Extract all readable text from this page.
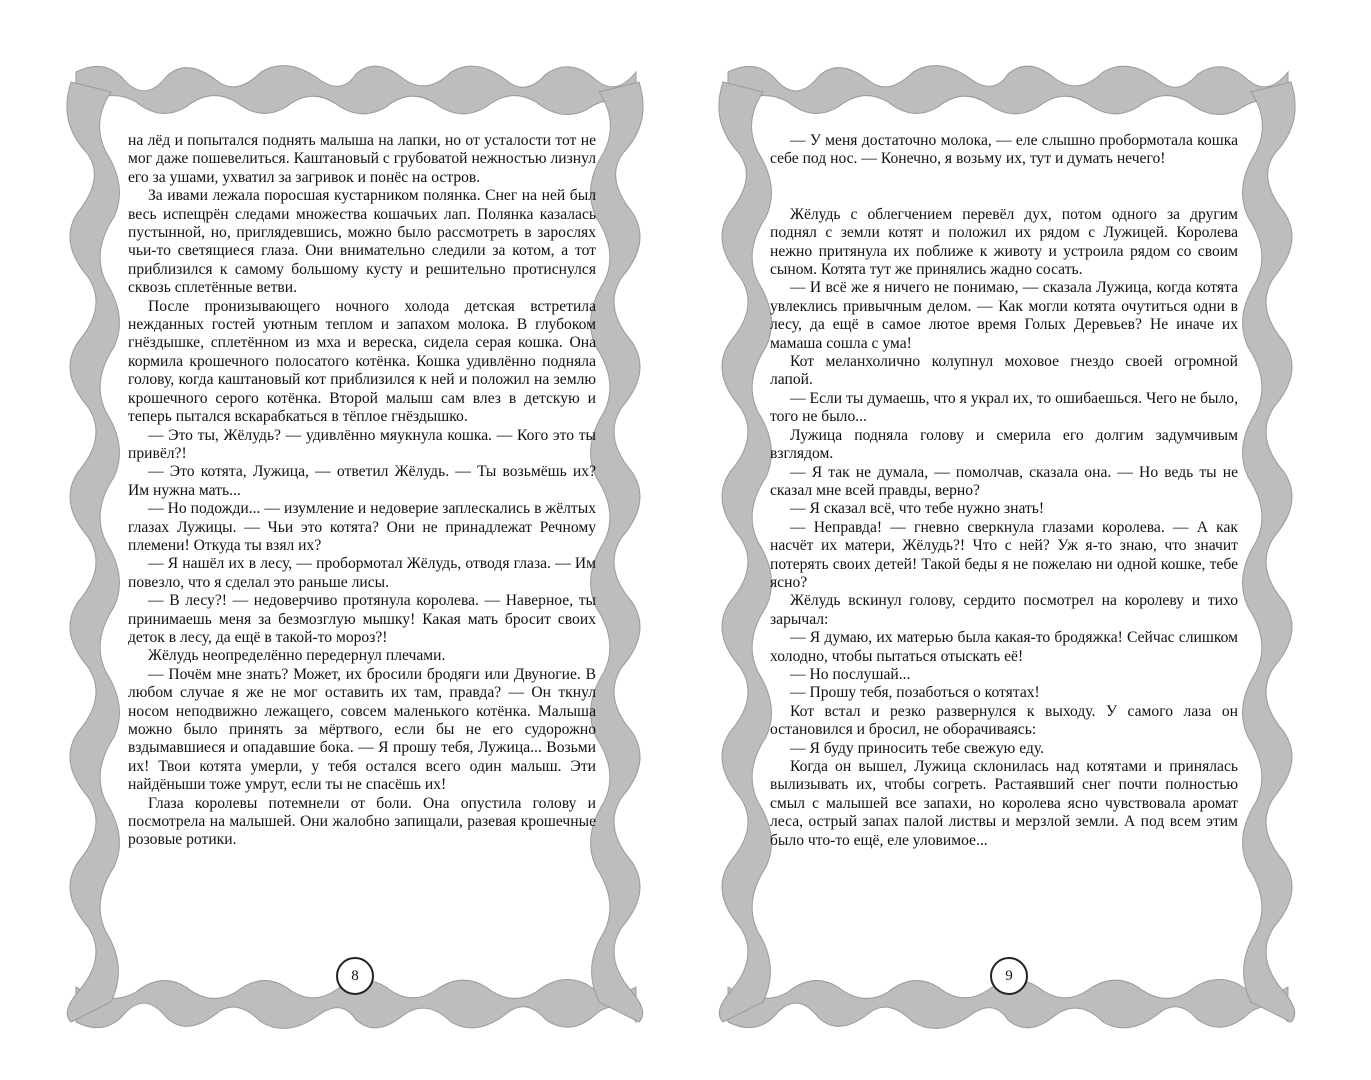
на лёд и попытался поднять малыша на лапки, но от усталости тот не мог даже пошевелиться. Каштановый с грубоватой нежностью лизнул его за ушами, ухватил за загривок и понёс на остров.

За ивами лежала поросшая кустарником полянка. Снег на ней был весь испещрён следами множества кошачьих лап. Полянка казалась пустынной, но, приглядевшись, можно было рассмотреть в зарослях чьи-то светящиеся глаза. Они внимательно следили за котом, а тот приблизился к самому большому кусту и решительно протиснулся сквозь сплетённые ветви.

После пронизывающего ночного холода детская встретила нежданных гостей уютным теплом и запахом молока. В глубоком гнёздышке, сплетённом из мха и вереска, сидела серая кошка. Она кормила крошечного полосатого котёнка. Кошка удивлённо подняла голову, когда каштановый кот приблизился к ней и положил на землю крошечного серого котёнка. Второй малыш сам влез в детскую и теперь пытался вскарабкаться в тёплое гнёздышко.

— Это ты, Жёлудь? — удивлённо мяукнула кошка. — Кого это ты привёл?!

— Это котята, Лужица, — ответил Жёлудь. — Ты возьмёшь их? Им нужна мать...

— Но подожди... — изумление и недоверие заплескались в жёлтых глазах Лужицы. — Чьи это котята? Они не принадлежат Речному племени! Откуда ты взял их?

— Я нашёл их в лесу, — пробормотал Жёлудь, отводя глаза. — Им повезло, что я сделал это раньше лисы.

— В лесу?! — недоверчиво протянула королева. — Наверное, ты принимаешь меня за безмозглую мышку! Какая мать бросит своих деток в лесу, да ещё в такой-то мороз?!

Жёлудь неопределённо передернул плечами.

— Почём мне знать? Может, их бросили бродяги или Двуногие. В любом случае я же не мог оставить их там, правда? — Он ткнул носом неподвижно лежащего, совсем маленького котёнка. Малыша можно было принять за мёртвого, если бы не его судорожно вздымавшиеся и опадавшие бока. — Я прошу тебя, Лужица... Возьми их! Твои котята умерли, у тебя остался всего один малыш. Эти найдёныши тоже умрут, если ты не спасёшь их!

Глаза королевы потемнели от боли. Она опустила голову и посмотрела на малышей. Они жалобно запищали, разевая крошечные розовые ротики.

8

— У меня достаточно молока, — еле слышно пробормотала кошка себе под нос. — Конечно, я возьму их, тут и думать нечего!

Жёлудь с облегчением перевёл дух, потом одного за другим поднял с земли котят и положил их рядом с Лужицей. Королева нежно притянула их поближе к животу и устроила рядом со своим сыном. Котята тут же принялись жадно сосать.

— И всё же я ничего не понимаю, — сказала Лужица, когда котята увлеклись привычным делом. — Как могли котята очутиться одни в лесу, да ещё в самое лютое время Голых Деревьев? Не иначе их мамаша сошла с ума!

Кот меланхолично колупнул моховое гнездо своей огромной лапой.

— Если ты думаешь, что я украл их, то ошибаешься. Чего не было, того не было...

Лужица подняла голову и смерила его долгим задумчивым взглядом.

— Я так не думала, — помолчав, сказала она. — Но ведь ты не сказал мне всей правды, верно?

— Я сказал всё, что тебе нужно знать!

— Неправда! — гневно сверкнула глазами королева. — А как насчёт их матери, Жёлудь?! Что с ней? Уж я-то знаю, что значит потерять своих детей! Такой беды я не пожелаю ни одной кошке, тебе ясно?

Жёлудь вскинул голову, сердито посмотрел на королеву и тихо зарычал:

— Я думаю, их матерью была какая-то бродяжка! Сейчас слишком холодно, чтобы пытаться отыскать её!

— Но послушай...

— Прошу тебя, позаботься о котятах!

Кот встал и резко развернулся к выходу. У самого лаза он остановился и бросил, не оборачиваясь:

— Я буду приносить тебе свежую еду.

Когда он вышел, Лужица склонилась над котятами и принялась вылизывать их, чтобы согреть. Растаявший снег почти полностью смыл с малышей все запахи, но королева ясно чувствовала аромат леса, острый запах палой листвы и мерзлой земли. А под всем этим было что-то ещё, еле уловимое...

9
